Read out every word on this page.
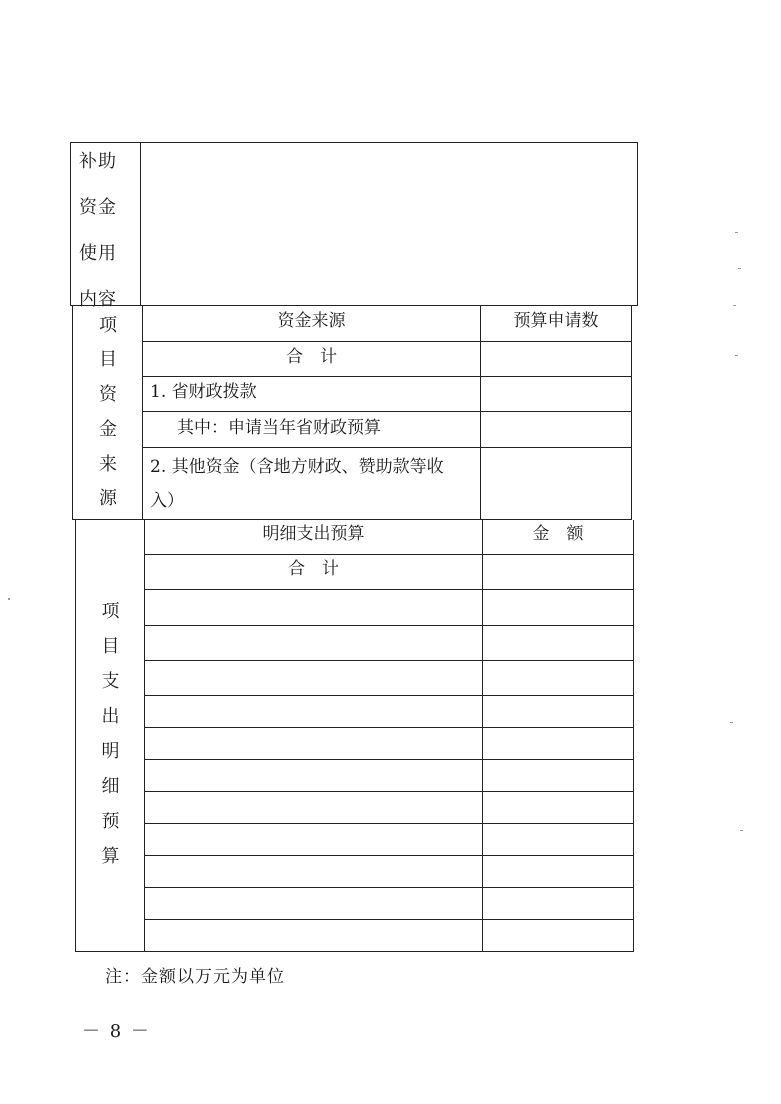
补助
资金
使用
内容
项
目
资
金
来
源
资金来源	预算申请数
合　计
1. 省财政拨款
其中：申请当年省财政预算
2. 其他资金（含地方财政、赞助款等收
入）
项
目
支
出
明
细
预
算
明细支出预算	金　额
合　计
注：金额以万元为单位
－ 8 －
